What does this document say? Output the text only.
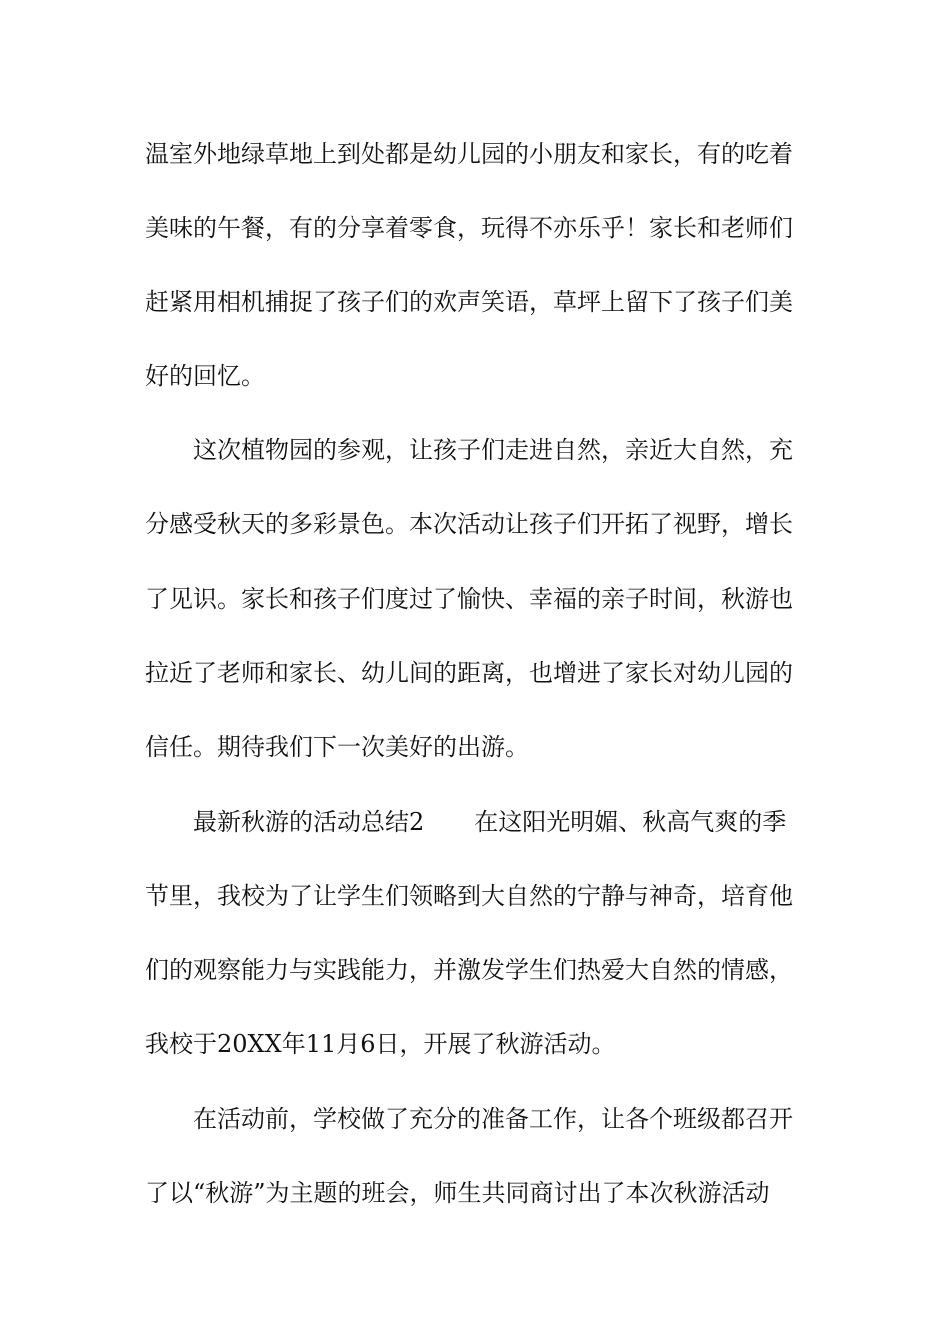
温室外地绿草地上到处都是幼儿园的小朋友和家长，有的吃着
美味的午餐，有的分享着零食，玩得不亦乐乎！家长和老师们
赶紧用相机捕捉了孩子们的欢声笑语，草坪上留下了孩子们美
好的回忆。
这次植物园的参观，让孩子们走进自然，亲近大自然，充
分感受秋天的多彩景色。本次活动让孩子们开拓了视野，增长
了见识。家长和孩子们度过了愉快、幸福的亲子时间，秋游也
拉近了老师和家长、幼儿间的距离，也增进了家长对幼儿园的
信任。期待我们下一次美好的出游。
最新秋游的活动总结2 在这阳光明媚、秋高气爽的季
节里，我校为了让学生们领略到大自然的宁静与神奇，培育他
们的观察能力与实践能力，并激发学生们热爱大自然的情感，
我校于20XX年11月6日，开展了秋游活动。
在活动前，学校做了充分的准备工作，让各个班级都召开
了以“秋游”为主题的班会，师生共同商讨出了本次秋游活动
